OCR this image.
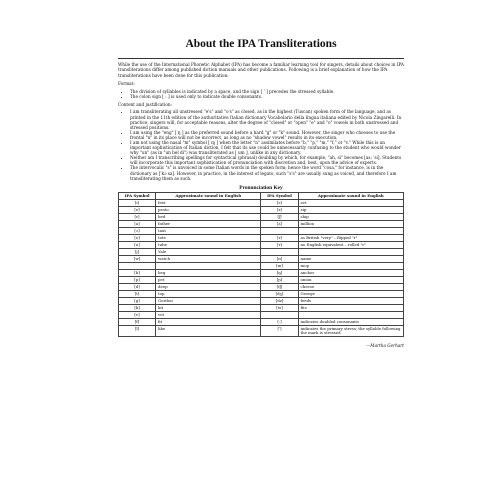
About the IPA Transliterations

While the use of the International Phonetic Alphabet (IPA) has become a familiar learning tool for singers, details about choices in IPA transliterations differ among published diction manuals and other publications. Following is a brief explanation of how the IPA transliterations have been done for this publication:

Format:

• The division of syllables is indicated by a space, and the sign [ ˈ ] precedes the stressed syllable.
• The colon sign [ ː ] is used only to indicate double consonants.

Content and justification:

• I am transliterating all unstressed "e's" and "o's" as closed, as in the highest (Tuscan) spoken form of the language, and as printed in the 11th edition of the authoritative Italian dictionary Vocabolario della lingua italiana edited by Nicola Zingarelli. In practice, singers will, for acceptable reasons, alter the degree of "closed" or "open" "e" and "o" vowels in both unstressed and stressed positions.
• I am using the "eng" [ ŋ ] as the preferred sound before a hard "g" or "k" sound. However, the singer who chooses to use the frontal "n" in its place will not be incorrect, as long as no "shadow vowel" results in its execution.
• I am not using the nasal "m" symbol [ ɱ ] when the letter "n" assimilates before "b," "p," "m," "f," or "v." While this is an important sophistication of Italian diction, I felt that its use could be unnecessarily confusing to the student who would wonder why "un" (as in "un bel dì") was transliterated as [ um ], unlike in any dictionary.
• Neither am I transcribing spellings for syntactical (phrasal) doubling by which, for example, "ah, sì" becomes [asː ˈsi]. Students will incorporate this important sophistication of pronunciation with discretion and, best, upon the advice of experts.
• The intervocalic "s" is unvoiced in some Italian words in the spoken form; hence the word "cosa," for instance, is in the dictionary as [ˈkɔ sa]. However, in practice, in the interest of legato, such "s's" are usually sung as voiced, and therefore I am transliterating them as such.
Pronunciation Key
IPA Symbol	Approximate sound in English	IPA Symbol	Approximate sound in English
[i]	feet	[s]	set
[e]	pesto	[z]	zip
[ɛ]	bed	[ʃ]	ship
[a]	father	[ʎ]	million
[ɔ]	taut		
[o]	tote	[r]	as British "very" – flipped "r"
[u]	tube	[r]	no English equivalent – rolled "r"
[j]	Yale		
[w]	watch	[n]	name
		[m]	mop
[b]	beg	[ŋ]	anchor
[p]	pet	[ɲ]	onion
[d]	deep	[tʃ]	cheese
[t]	top	[dʒ]	George
[g]	Gordon	[dz]	feeds
[k]	kit	[ts]	fits
[v]	vet		
[f]	fit	[ː]	indicates doubled consonants
[l]	like	[ˈ]	indicates the primary stress; the syllable following the mark is stressed
—Martha Gerhart
